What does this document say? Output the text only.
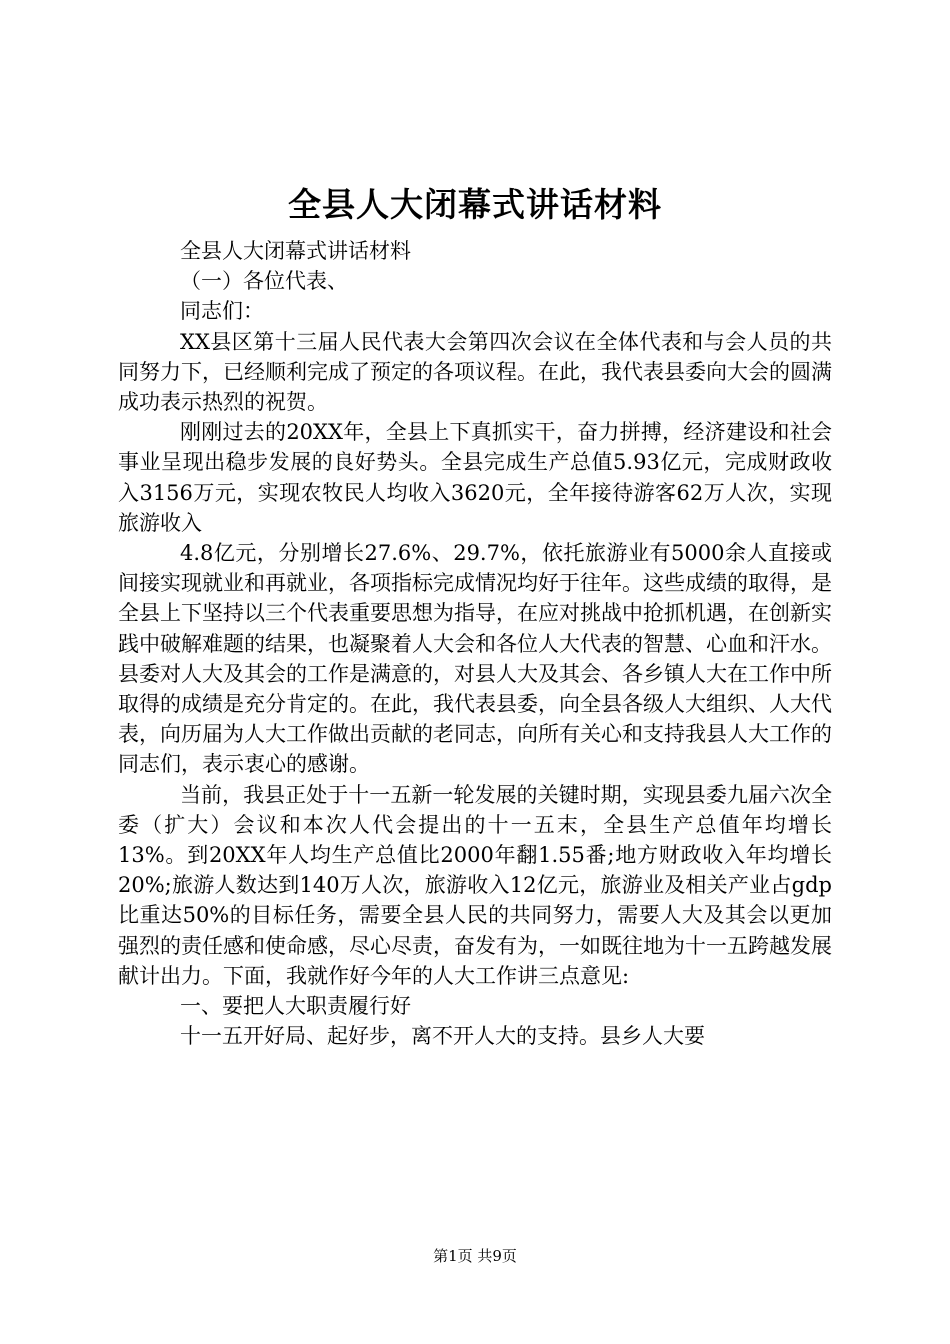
全县人大闭幕式讲话材料

全县人大闭幕式讲话材料

（一）各位代表、

同志们：

XX县区第十三届人民代表大会第四次会议在全体代表和与会人员的共同努力下，已经顺利完成了预定的各项议程。在此，我代表县委向大会的圆满成功表示热烈的祝贺。

刚刚过去的20XX年，全县上下真抓实干，奋力拼搏，经济建设和社会事业呈现出稳步发展的良好势头。全县完成生产总值5.93亿元，完成财政收入3156万元，实现农牧民人均收入3620元，全年接待游客62万人次，实现旅游收入

4.8亿元，分别增长27.6%、29.7%，依托旅游业有5000余人直接或间接实现就业和再就业，各项指标完成情况均好于往年。这些成绩的取得，是全县上下坚持以三个代表重要思想为指导，在应对挑战中抢抓机遇，在创新实践中破解难题的结果，也凝聚着人大会和各位人大代表的智慧、心血和汗水。县委对人大及其会的工作是满意的，对县人大及其会、各乡镇人大在工作中所取得的成绩是充分肯定的。在此，我代表县委，向全县各级人大组织、人大代表，向历届为人大工作做出贡献的老同志，向所有关心和支持我县人大工作的同志们，表示衷心的感谢。

当前，我县正处于十一五新一轮发展的关键时期，实现县委九届六次全委（扩大）会议和本次人代会提出的十一五末，全县生产总值年均增长13%。到20XX年人均生产总值比2000年翻1.55番;地方财政收入年均增长20%;旅游人数达到140万人次，旅游收入12亿元，旅游业及相关产业占gdp比重达50%的目标任务，需要全县人民的共同努力，需要人大及其会以更加强烈的责任感和使命感，尽心尽责，奋发有为，一如既往地为十一五跨越发展献计出力。下面，我就作好今年的人大工作讲三点意见:

一、要把人大职责履行好

十一五开好局、起好步，离不开人大的支持。县乡人大要

第1页 共9页
